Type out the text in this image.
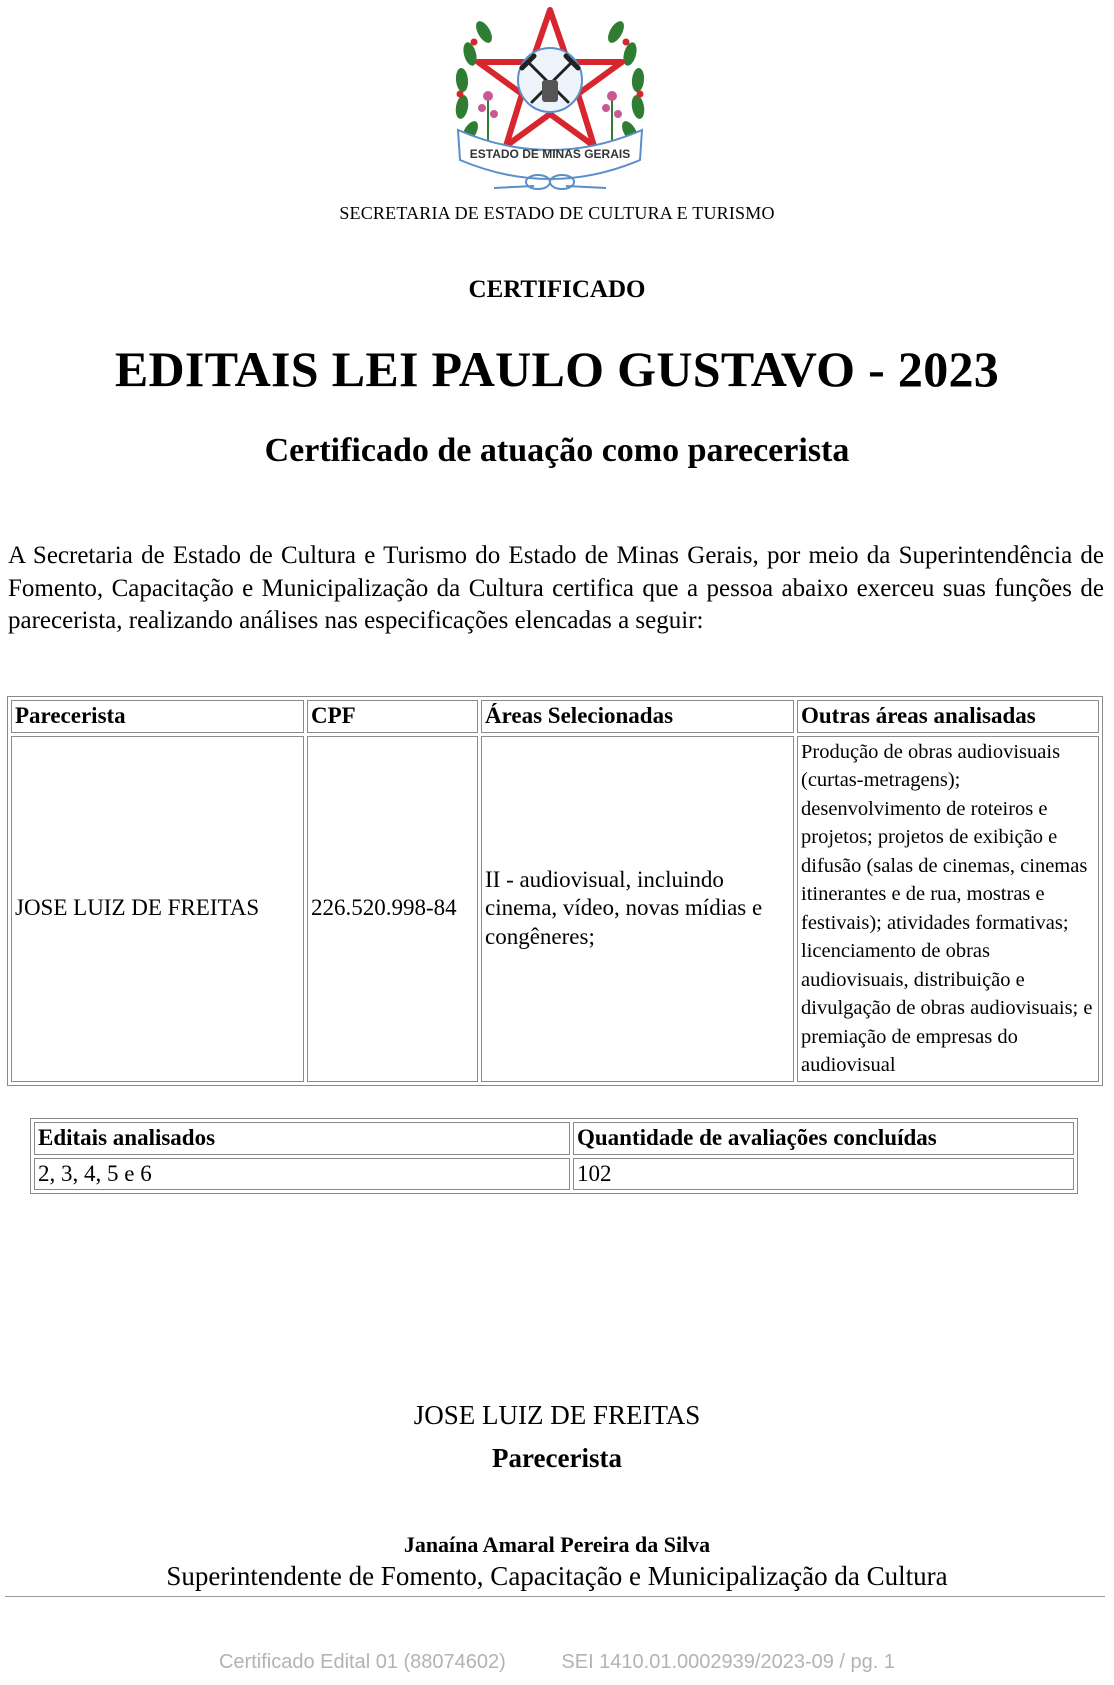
ESTADO DE MINAS GERAIS
SECRETARIA DE ESTADO DE CULTURA E TURISMO
CERTIFICADO
EDITAIS LEI PAULO GUSTAVO - 2023
Certificado de atuação como parecerista

A Secretaria de Estado de Cultura e Turismo do Estado de Minas Gerais, por meio da Superintendência de Fomento, Capacitação e Municipalização da Cultura certifica que a pessoa abaixo exerceu suas funções de parecerista, realizando análises nas especificações elencadas a seguir:

Parecerista	CPF	Áreas Selecionadas	Outras áreas analisadas
JOSE LUIZ DE FREITAS	226.520.998-84	II - audiovisual, incluindo cinema, vídeo, novas mídias e congêneres;	Produção de obras audiovisuais (curtas-metragens); desenvolvimento de roteiros e projetos; projetos de exibição e difusão (salas de cinemas, cinemas itinerantes e de rua, mostras e festivais); atividades formativas; licenciamento de obras audiovisuais, distribuição e divulgação de obras audiovisuais; e premiação de empresas do audiovisual
Editais analisados	Quantidade de avaliações concluídas
2, 3, 4, 5 e 6	102
JOSE LUIZ DE FREITAS
Parecerista
Janaína Amaral Pereira da Silva
Superintendente de Fomento, Capacitação e Municipalização da Cultura
Certificado Edital 01 (88074602)	SEI 1410.01.0002939/2023-09 / pg. 1
